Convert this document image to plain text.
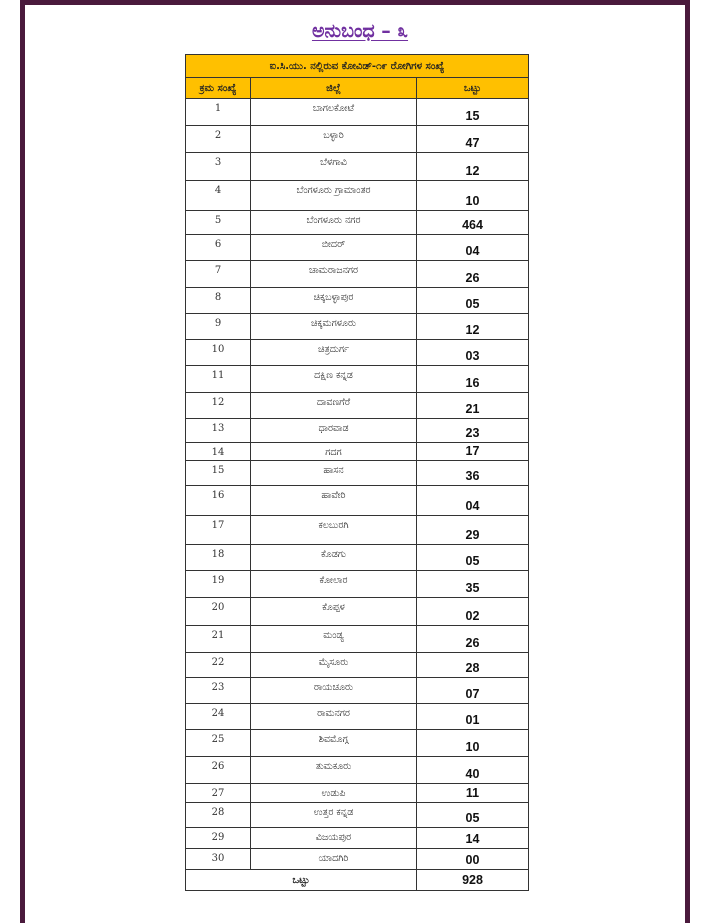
ಅನುಬಂಧ – ೩
ಐ.ಸಿ.ಯು. ನಲ್ಲಿರುವ ಕೋವಿಡ್-೧೯ ರೋಗಿಗಳ ಸಂಖ್ಯೆ		
ಕ್ರಮ ಸಂಖ್ಯೆ	ಜಿಲ್ಲೆ	ಒಟ್ಟು
1	ಬಾಗಲಕೋಟೆ	15
2	ಬಳ್ಳಾರಿ	47
3	ಬೆಳಗಾವಿ	12
4	ಬೆಂಗಳೂರು ಗ್ರಾಮಾಂತರ	10
5	ಬೆಂಗಳೂರು ನಗರ	464
6	ಬೀದರ್	04
7	ಚಾಮರಾಜನಗರ	26
8	ಚಿಕ್ಕಬಳ್ಳಾಪುರ	05
9	ಚಿಕ್ಕಮಗಳೂರು	12
10	ಚಿತ್ರದುರ್ಗ	03
11	ದಕ್ಷಿಣ ಕನ್ನಡ	16
12	ದಾವಣಗೆರೆ	21
13	ಧಾರವಾಡ	23
14	ಗದಗ	17
15	ಹಾಸನ	36
16	ಹಾವೇರಿ	04
17	ಕಲಬುರಗಿ	29
18	ಕೊಡಗು	05
19	ಕೋಲಾರ	35
20	ಕೊಪ್ಪಳ	02
21	ಮಂಡ್ಯ	26
22	ಮೈಸೂರು	28
23	ರಾಯಚೂರು	07
24	ರಾಮನಗರ	01
25	ಶಿವಮೊಗ್ಗ	10
26	ತುಮಕೂರು	40
27	ಉಡುಪಿ	11
28	ಉತ್ತರ ಕನ್ನಡ	05
29	ವಿಜಯಪುರ	14
30	ಯಾದಗಿರಿ	00
ಒಟ್ಟು		928
